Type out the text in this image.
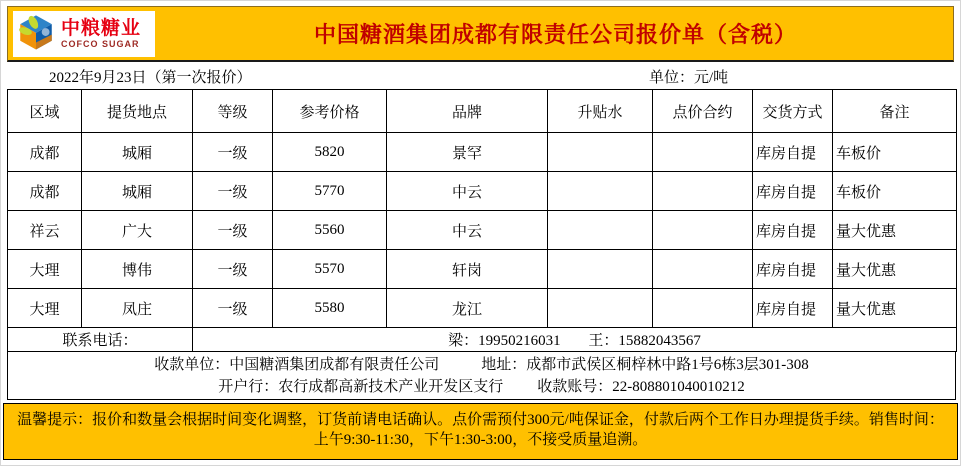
中粮糖业
COFCO SUGAR	中国糖酒集团成都有限责任公司报价单（含税）
2022年9月23日（第一次报价）	单位：元/吨
区域	提货地点	等级	参考价格	品牌	升贴水	点价合约	交货方式	备注
成都	城厢	一级	5820	景罕			库房自提	车板价
成都	城厢	一级	5770	中云			库房自提	车板价
祥云	广大	一级	5560	中云			库房自提	量大优惠
大理	博伟	一级	5570	轩岗			库房自提	量大优惠
大理	凤庄	一级	5580	龙江			库房自提	量大优惠
联系电话：		梁：19950216031 王：15882043567						
收款单位：中国糖酒集团成都有限责任公司	地址：成都市武侯区桐梓林中路1号6栋3层301-308
开户行：农行成都高新技术产业开发区支行 收款账号：22-808801040010212
温馨提示：报价和数量会根据时间变化调整，订货前请电话确认。点价需预付300元/吨保证金，付款后两个工作日办理提货手续。销售时间：上午9:30-11:30，下午1:30-3:00，不接受质量追溯。
